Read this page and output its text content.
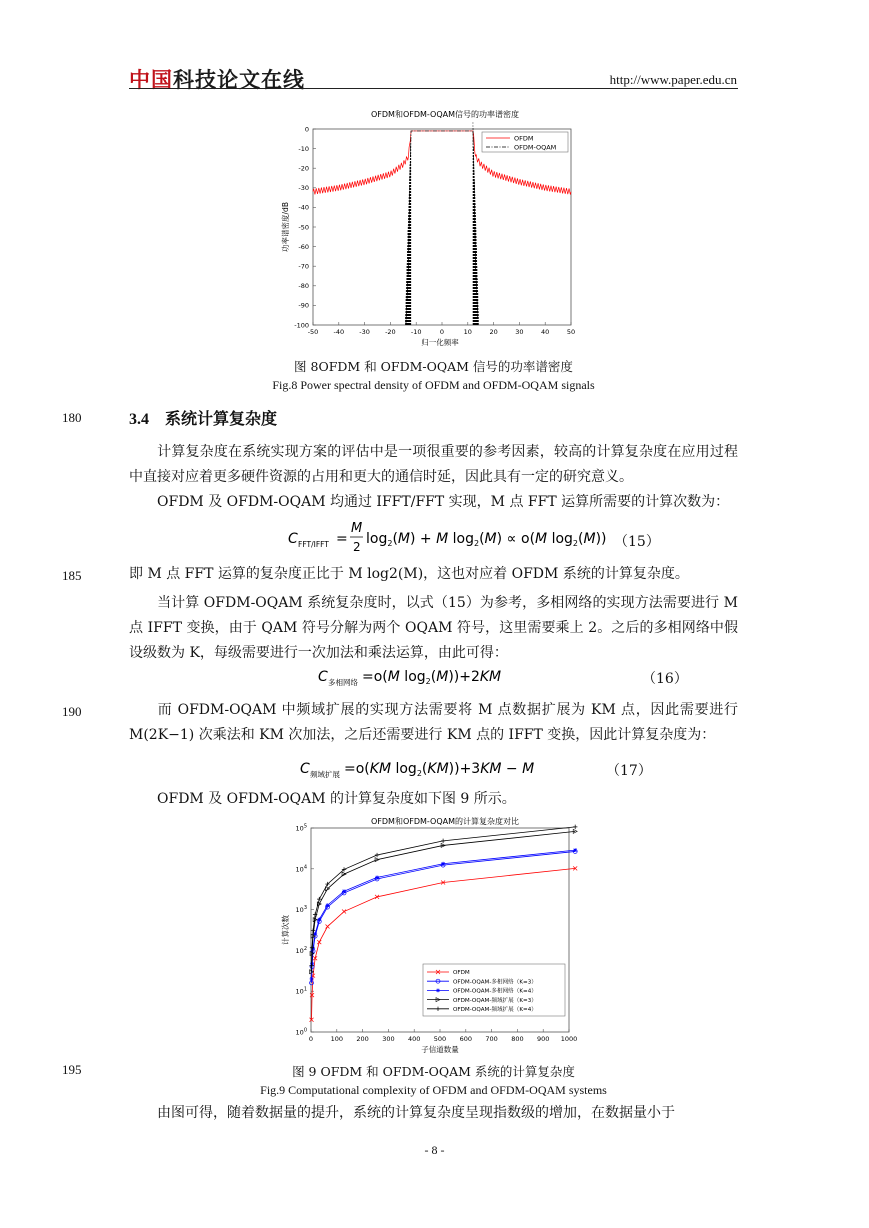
中国科技论文在线	http://www.paper.edu.cn
OFDM和OFDM-OQAM信号的功率谱密度
-50 -40 -30 -20 -10	0	10	20	30	40	50
0
-10
-20
-30
-40
-50
-60
-70
-80
-90
-100
OFDM
OFDM-OQAM
归一化频率
功率谱密度/dB
图 8OFDM 和 OFDM-OQAM 信号的功率谱密度
Fig.8 Power spectral density of OFDM and OFDM-OQAM signals
180	3.4 系统计算复杂度
计算复杂度在系统实现方案的评估中是一项很重要的参考因素，较高的计算复杂度在应用过程中直接对应着更多硬件资源的占用和更大的通信时延，因此具有一定的研究意义。
OFDM 及 OFDM-OQAM 均通过 IFFT/FFT 实现，M 点 FFT 运算所需要的计算次数为：
C FFT/IFFT =
M
2 $\log_2(M) + M$ $\log_2(M) \propto o(M$ $\log_2(M)$) （15）
185	即 M 点 FFT 运算的复杂度正比于 M log2(M)，这也对应着 OFDM 系统的计算复杂度。
当计算 OFDM-OQAM 系统复杂度时，以式（15）为参考，多相网络的实现方法需要进行 M 点 IFFT 变换，由于 QAM 符号分解为两个 OQAM 符号，这里需要乘上 2。之后的多相网络中假设级数为 K，每级需要进行一次加法和乘法运算，由此可得：
C 多相网络 =o(M $\log_2(M))+2KM$	（16）
190	而 OFDM-OQAM 中频域扩展的实现方法需要将 M 点数据扩展为 KM 点，因此需要进行 M(2K−1) 次乘法和 KM 次加法，之后还需要进行 KM 点的 IFFT 变换，因此计算复杂度为：
C 频域扩展 =o(KM $\log_2(KM))+3KM - M$	（17）
OFDM 及 OFDM-OQAM 的计算复杂度如下图 9 所示。
OFDM和OFDM-OQAM的计算复杂度对比
0	100 200 300 400 500 600 700 800 900 1000
$10^0$
$10^1$
$10^2$
$10^3$
$10^4$
$10^5$
OFDM
OFDM-OQAM-多相网络（K=3）
OFDM-OQAM-多相网络（K=4）
OFDM-OQAM-频域扩展（K=3）
OFDM-OQAM-频域扩展（K=4）
子信道数量
计算次数
195	图 9 OFDM 和 OFDM-OQAM 系统的计算复杂度
Fig.9 Computational complexity of OFDM and OFDM-OQAM systems
由图可得，随着数据量的提升，系统的计算复杂度呈现指数级的增加，在数据量小于
- 8 -
